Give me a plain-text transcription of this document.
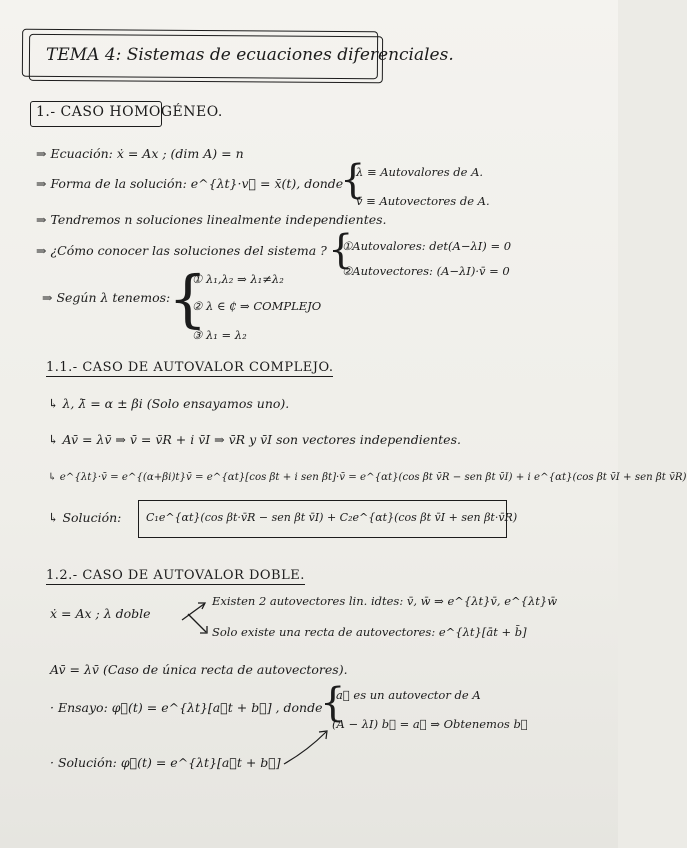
TEMA 4: Sistemas de ecuaciones diferenciales.
1.- CASO HOMOGÉNEO.
⇒ Ecuación: ẋ = Ax ; (dim A) = n
⇒ Forma de la solución: e^{λt}·v⃗ = x̄(t), donde
{
λ ≡ Autovalores de A.
v̄ ≡ Autovectores de A.
⇒ Tendremos n soluciones linealmente independientes.
⇒ ¿Cómo conocer las soluciones del sistema ? {
①Autovalores: det(A−λI) = 0
②Autovectores: (A−λI)·v̄ = 0
⇒ Según λ tenemos:
{
① λ₁,λ₂ ⇒ λ₁≠λ₂
② λ ∈ ₵ ⇒ COMPLEJO
③ λ₁ = λ₂
1.1.- CASO DE AUTOVALOR COMPLEJO.
↳ λ, λ̄ = α ± βi (Solo ensayamos uno).
↳ Av̄ = λv̄ ⇒ v̄ = v̄R + i v̄I ⇒ v̄R y v̄I son vectores independientes.
↳ e^{λt}·v̄ = e^{(α+βi)t}v̄ = e^{αt}[cos βt + i sen βt]·v̄ = e^{αt}(cos βt v̄R − sen βt v̄I) + i e^{αt}(cos βt v̄I + sen βt v̄R)
↳ Solución: C₁e^{αt}(cos βt·v̄R − sen βt v̄I) + C₂e^{αt}(cos βt v̄I + sen βt·v̄R)
1.2.- CASO DE AUTOVALOR DOBLE.
ẋ = Ax ; λ doble
Existen 2 autovectores lin. idtes: v̄, w̄ ⇒ e^{λt}v̄, e^{λt}w̄
Solo existe una recta de autovectores: e^{λt}[āt + b̄]
Av̄ = λv̄ (Caso de única recta de autovectores).
· Ensayo: φ⃗(t) = e^{λt}[a⃗t + b⃗] , donde
{
a⃗ es un autovector de A
(A − λI) b⃗ = a⃗ ⇒ Obtenemos b⃗
· Solución: φ⃗(t) = e^{λt}[a⃗t + b⃗]
